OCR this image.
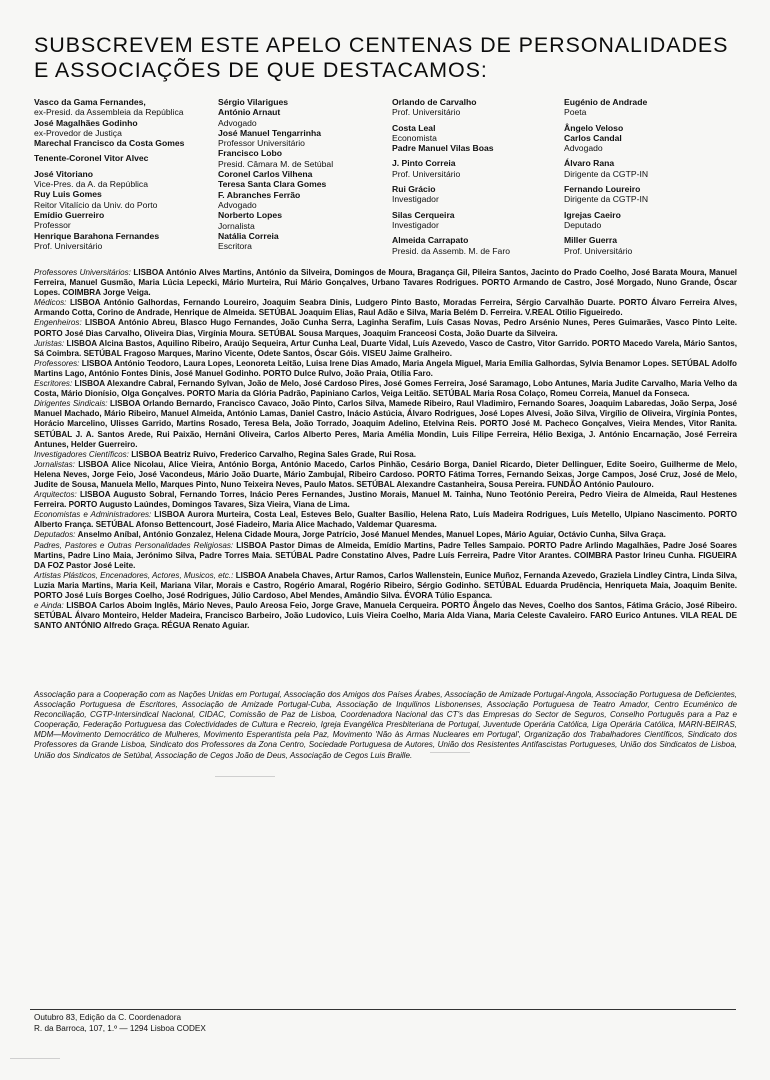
SUBSCREVEM ESTE APELO CENTENAS DE PERSONALIDADES
E ASSOCIAÇÕES DE QUE DESTACAMOS:
Vasco da Gama Fernandes,
ex-Presid. da Assembleia da República
José Magalhães Godinho
ex-Provedor de Justiça
Marechal Francisco da Costa Gomes
Tenente-Coronel Vitor Alvec
José Vitoriano
Vice-Pres. da A. da República
Ruy Luis Gomes
Reitor Vitalício da Univ. do Porto
Emídio Guerreiro
Professor
Henrique Barahona Fernandes
Prof. Universitário
Sérgio Vilarigues
António Arnaut
Advogado
José Manuel Tengarrinha
Professor Universitário
Francisco Lobo
Presid. Câmara M. de Setúbal
Coronel Carlos Vilhena
Teresa Santa Clara Gomes
F. Abranches Ferrão
Advogado
Norberto Lopes
Jornalista
Natália Correia
Escritora
Orlando de Carvalho
Prof. Universitário
Costa Leal
Economista
Padre Manuel Vilas Boas
J. Pinto Correia
Prof. Universitário
Rui Grácio
Investigador
Silas Cerqueira
Investigador
Almeida Carrapato
Presid. da Assemb. M. de Faro
Eugénio de Andrade
Poeta
Ângelo Veloso
Carlos Candal
Advogado
Álvaro Rana
Dirigente da CGTP-IN
Fernando Loureiro
Dirigente da CGTP-IN
Igrejas Caeiro
Deputado
Miller Guerra
Prof. Universitário

Professores Universitários: LISBOA António Alves Martins, António da Silveira, Domingos de Moura, Bragança Gil, Pileira Santos, Jacinto do Prado Coelho, José Barata Moura, Manuel Ferreira, Manuel Gusmão, Maria Lúcia Lepecki, Mário Murteira, Rui Mário Gonçalves, Urbano Tavares Rodrigues. PORTO Armando de Castro, José Morgado, Nuno Grande, Óscar Lopes. COIMBRA Jorge Veiga.

Médicos: LISBOA António Galhordas, Fernando Loureiro, Joaquim Seabra Dinis, Ludgero Pinto Basto, Moradas Ferreira, Sérgio Carvalhão Duarte. PORTO Álvaro Ferreira Alves, Armando Cotta, Corino de Andrade, Henrique de Almeida. SETÚBAL Joaquim Elias, Raul Adão e Silva, Maria Belém D. Ferreira. V.REAL Otilio Figueiredo.

Engenheiros: LISBOA António Abreu, Blasco Hugo Fernandes, João Cunha Serra, Laginha Serafim, Luís Casas Novas, Pedro Arsénio Nunes, Peres Guimarães, Vasco Pinto Leite. PORTO José Dias Carvalho, Oliveira Dias, Virgínia Moura. SETÚBAL Sousa Marques, Joaquim Franceosi Costa, João Duarte da Silveira.

Juristas: LISBOA Alcina Bastos, Aquilino Ribeiro, Araújo Sequeira, Artur Cunha Leal, Duarte Vidal, Luís Azevedo, Vasco de Castro, Vitor Garrido. PORTO Macedo Varela, Mário Santos, Sá Coimbra. SETÚBAL Fragoso Marques, Marino Vicente, Odete Santos, Óscar Góis. VISEU Jaime Gralheiro.

Professores: LISBOA António Teodoro, Laura Lopes, Leonoreta Leitão, Luisa Irene Dias Amado, Maria Angela Miguel, Maria Emília Galhordas, Sylvia Benamor Lopes. SETÚBAL Adolfo Martins Lago, António Fontes Dinis, José Manuel Godinho. PORTO Dulce Rulvo, João Praia, Otília Faro.

Escritores: LISBOA Alexandre Cabral, Fernando Sylvan, João de Melo, José Cardoso Pires, José Gomes Ferreira, José Saramago, Lobo Antunes, Maria Judite Carvalho, Maria Velho da Costa, Mário Dionísio, Olga Gonçalves. PORTO Maria da Glória Padrão, Papiniano Carlos, Veiga Leitão. SETÚBAL Maria Rosa Colaço, Romeu Correia, Manuel da Fonseca.

Dirigentes Sindicais: LISBOA Orlando Bernardo, Francisco Cavaco, João Pinto, Carlos Silva, Mamede Ribeiro, Raul Vladimiro, Fernando Soares, Joaquim Labaredas, João Serpa, José Manuel Machado, Mário Ribeiro, Manuel Almeida, António Lamas, Daniel Castro, Inácio Astúcia, Álvaro Rodrigues, José Lopes Alvesi, João Silva, Virgílio de Oliveira, Virgínia Pontes, Horácio Marcelino, Ulisses Garrido, Martins Rosado, Teresa Bela, João Torrado, Joaquim Adelino, Etelvina Reis. PORTO José M. Pacheco Gonçalves, Vieira Mendes, Vitor Ranita. SETÚBAL J. A. Santos Arede, Rui Paixão, Hernâni Oliveira, Carlos Alberto Peres, Maria Amélia Mondin, Luis Filipe Ferreira, Hélio Bexiga, J. António Encarnação, José Ferreira Antunes, Helder Guerreiro.

Investigadores Científicos: LISBOA Beatriz Ruivo, Frederico Carvalho, Regina Sales Grade, Rui Rosa.

Jornalistas: LISBOA Alice Nicolau, Alice Vieira, António Borga, António Macedo, Carlos Pinhão, Cesário Borga, Daniel Ricardo, Dieter Dellinguer, Edite Soeiro, Guilherme de Melo, Helena Neves, Jorge Feio, José Vacondeus, Mário João Duarte, Mário Zambujal, Ribeiro Cardoso. PORTO Fátima Torres, Fernando Seixas, Jorge Campos, José Cruz, José de Melo, Judite de Sousa, Manuela Mello, Marques Pinto, Nuno Teixeira Neves, Paulo Matos. SETÚBAL Alexandre Castanheira, Sousa Pereira. FUNDÃO António Paulouro.

Arquitectos: LISBOA Augusto Sobral, Fernando Torres, Inácio Peres Fernandes, Justino Morais, Manuel M. Tainha, Nuno Teotónio Pereira, Pedro Vieira de Almeida, Raul Hestenes Ferreira. PORTO Augusto Laúndes, Domingos Tavares, Siza Vieira, Viana de Lima.

Economistas e Administradores: LISBOA Aurora Murteira, Costa Leal, Esteves Belo, Gualter Basílio, Helena Rato, Luís Madeira Rodrigues, Luís Metello, Ulpiano Nascimento. PORTO Alberto França. SETÚBAL Afonso Bettencourt, José Fiadeiro, Maria Alice Machado, Valdemar Quaresma.

Deputados: Anselmo Aníbal, António Gonzalez, Helena Cidade Moura, Jorge Patrício, José Manuel Mendes, Manuel Lopes, Mário Aguiar, Octávio Cunha, Silva Graça.

Padres, Pastores e Outras Personalidades Religiosas: LISBOA Pastor Dimas de Almeida, Emídio Martins, Padre Telles Sampaio. PORTO Padre Arlindo Magalhães, Padre José Soares Martins, Padre Lino Maia, Jerónimo Silva, Padre Torres Maia. SETÚBAL Padre Constatino Alves, Padre Luís Ferreira, Padre Vitor Arantes. COIMBRA Pastor Irineu Cunha. FIGUEIRA DA FOZ Pastor José Leite.

Artistas Plásticos, Encenadores, Actores, Musicos, etc.: LISBOA Anabela Chaves, Artur Ramos, Carlos Wallenstein, Eunice Muñoz, Fernanda Azevedo, Graziela Lindley Cintra, Linda Silva, Luzia Maria Martins, Maria Keil, Mariana Vilar, Morais e Castro, Rogério Amaral, Rogério Ribeiro, Sérgio Godinho. SETÚBAL Eduarda Prudência, Henriqueta Maia, Joaquim Benite. PORTO José Luís Borges Coelho, José Rodrigues, Júlio Cardoso, Abel Mendes, Amândio Silva. ÉVORA Túlio Espanca.

e Ainda: LISBOA Carlos Aboim Inglês, Mário Neves, Paulo Areosa Feio, Jorge Grave, Manuela Cerqueira. PORTO Ângelo das Neves, Coelho dos Santos, Fátima Grácio, José Ribeiro. SETÚBAL Álvaro Monteiro, Helder Madeira, Francisco Barbeiro, João Ludovico, Luis Vieira Coelho, Maria Alda Viana, Maria Celeste Cavaleiro. FARO Eurico Antunes. VILA REAL DE SANTO ANTÓNIO Alfredo Graça. RÉGUA Renato Aguiar.

Associação para a Cooperação com as Nações Unidas em Portugal, Associação dos Amigos dos Países Árabes, Associação de Amizade Portugal-Angola, Associação Portuguesa de Deficientes, Associação Portuguesa de Escritores, Associação de Amizade Portugal-Cuba, Associação de Inquilinos Lisbonenses, Associação Portuguesa de Teatro Amador, Centro Ecuménico de Reconciliação, CGTP-Intersindical Nacional, CIDAC, Comissão de Paz de Lisboa, Coordenadora Nacional das CT's das Empresas do Sector de Seguros, Conselho Português para a Paz e Cooperação, Federação Portuguesa das Colectividades de Cultura e Recreio, Igreja Evangélica Presbiteriana de Portugal, Juventude Operária Católica, Liga Operária Católica, MARN-BEIRAS, MDM—Movimento Democrático de Mulheres, Movimento Esperantista pela Paz, Movimento 'Não às Armas Nucleares em Portugal', Organização dos Trabalhadores Científicos, Sindicato dos Professores da Grande Lisboa, Sindicato dos Professores da Zona Centro, Sociedade Portuguesa de Autores, União dos Resistentes Antifascistas Portugueses, União dos Sindicatos de Lisboa, União dos Sindicatos de Setúbal, Associação de Cegos João de Deus, Associação de Cegos Luis Braille.
Outubro 83, Edição da C. Coordenadora
R. da Barroca, 107, 1.º — 1294 Lisboa CODEX
